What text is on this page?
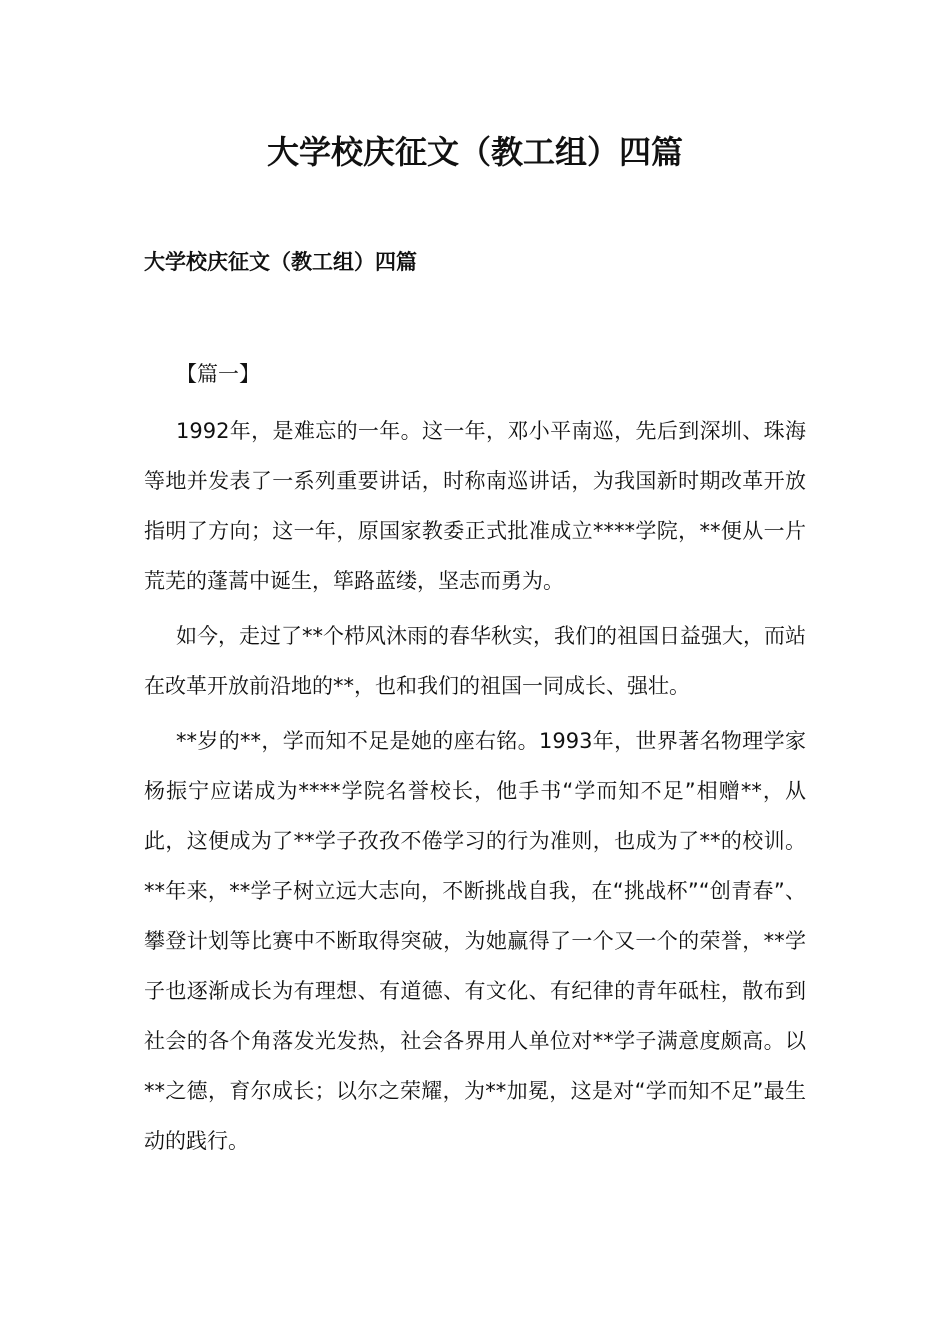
大学校庆征文（教工组）四篇
大学校庆征文（教工组）四篇

【篇一】

1992年，是难忘的一年。这一年，邓小平南巡，先后到深圳、珠海等地并发表了一系列重要讲话，时称南巡讲话，为我国新时期改革开放指明了方向；这一年，原国家教委正式批准成立****学院，**便从一片荒芜的蓬蒿中诞生，筚路蓝缕，坚志而勇为。

如今，走过了**个栉风沐雨的春华秋实，我们的祖国日益强大，而站在改革开放前沿地的**，也和我们的祖国一同成长、强壮。

**岁的**，学而知不足是她的座右铭。1993年，世界著名物理学家杨振宁应诺成为****学院名誉校长，他手书“学而知不足”相赠**，从此，这便成为了**学子孜孜不倦学习的行为准则，也成为了**的校训。**年来，**学子树立远大志向，不断挑战自我，在“挑战杯”“创青春”、攀登计划等比赛中不断取得突破，为她赢得了一个又一个的荣誉，**学子也逐渐成长为有理想、有道德、有文化、有纪律的青年砥柱，散布到社会的各个角落发光发热，社会各界用人单位对**学子满意度颇高。以**之德，育尔成长；以尔之荣耀，为**加冕，这是对“学而知不足”最生动的践行。
